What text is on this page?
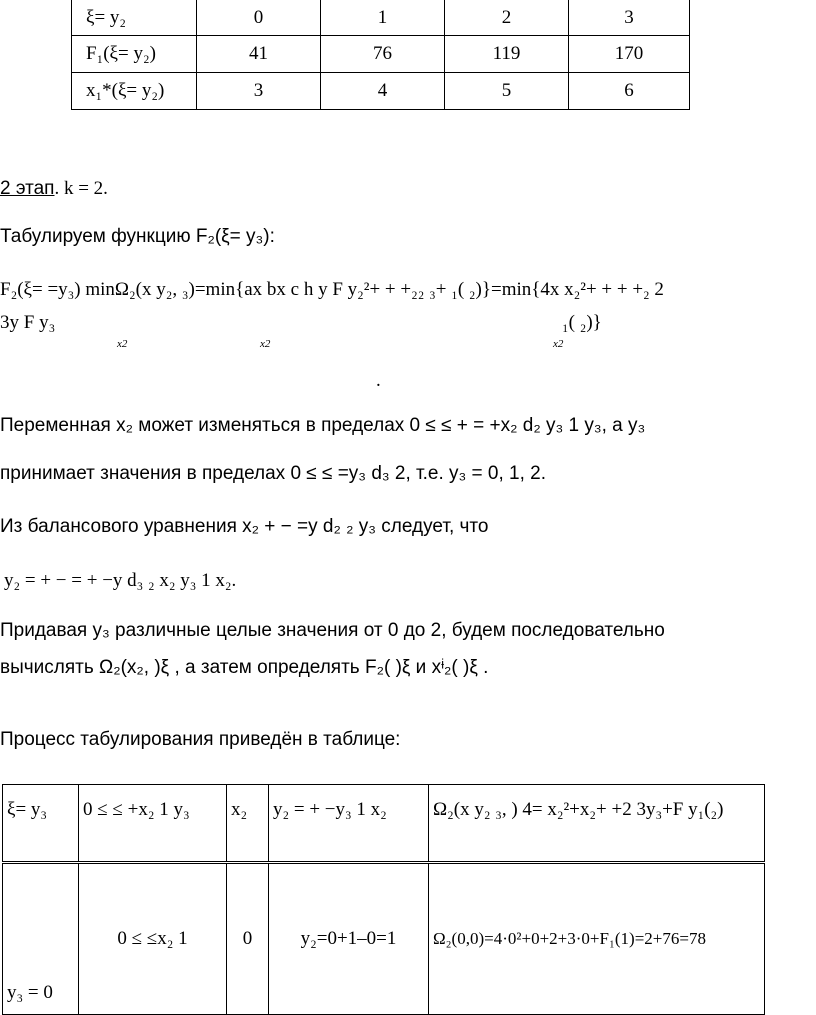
ξ= y₂	0	1	2	3
F₁(ξ= y₂)	41	76	119	170
x₁*(ξ= y₂)	3	4	5	6
2 этап. k = 2.
Табулируем функцию F₂(ξ= y₃):
F₂(ξ= =y₃) minΩ₂(x y₂, ₃)=min{ax bx c h y F y₂²+ + +₂₂ ₃+ ₁( ₂)}=min{4x x₂²+ + + +₂ 2
3y F y₃	₁( ₂)}
x2	x2	x2
.
Переменная x₂ может изменяться в пределах 0 ≤ ≤ + = +x₂ d₂ y₃ 1 y₃, а y₃
принимает значения в пределах 0 ≤ ≤ =y₃ d₃ 2, т.е. y₃ = 0, 1, 2.
Из балансового уравнения x₂ + − =y d₂ ₂ y₃ следует, что
y₂ = + − = + −y d₃ ₂ x₂ y₃ 1 x₂.
Придавая y₃ различные целые значения от 0 до 2, будем последовательно
вычислять Ω₂(x₂, )ξ , а затем определять F₂( )ξ и xᶤ₂( )ξ .
Процесс табулирования приведён в таблице:
ξ= y₃	0 ≤ ≤ +x₂ 1 y₃	x₂	y₂ = + −y₃ 1 x₂	Ω₂(x y₂ ₃, ) 4= x₂²+x₂+ +2 3y₃+F y₁(₂)
y₃ = 0	0 ≤ ≤x₂ 1	0	y₂=0+1–0=1	Ω₂(0,0)=4·0²+0+2+3·0+F₁(1)=2+76=78
